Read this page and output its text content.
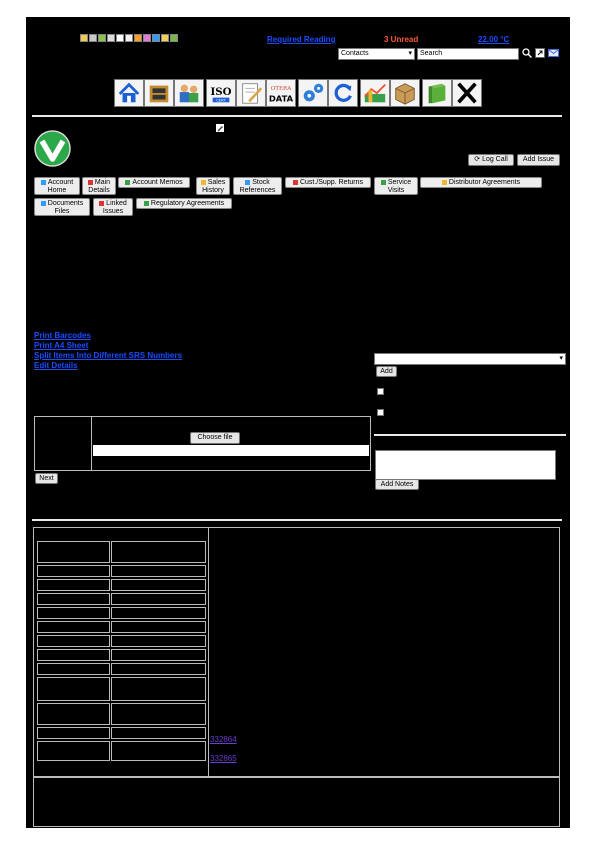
Required Reading	3 Unread	22.00 °C
Contacts	▾	Search
ISO
CERT
OTERA
DATA
⟳ Log Call	Add Issue
Account
Home
Main
Details
Account Memos	Sales
History
Stock
References
Cust./Supp. Returns	Service
Visits
Distributor Agreements
Documents
Files
Linked
Issues
Regulatory Agreements
Print Barcodes
Print A4 Sheet
Split Items Into Different SRS Numbers
Edit Details
▾
Add
Add Notes
Choose file
Next
332864
332865
